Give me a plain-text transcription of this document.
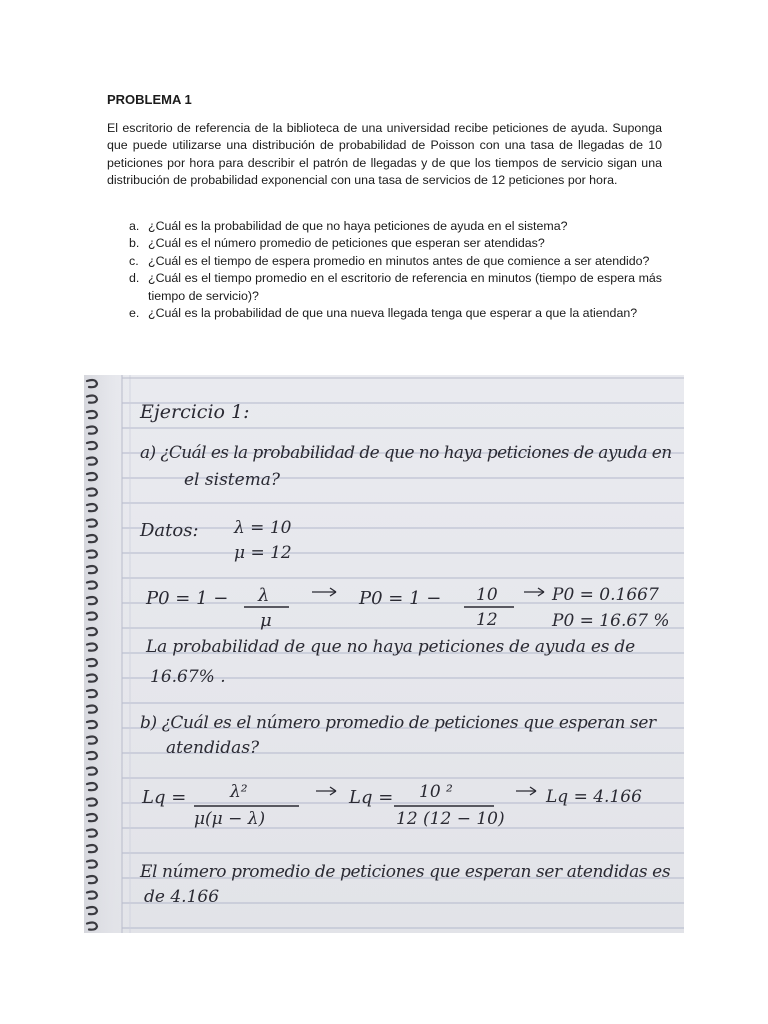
PROBLEMA 1
El escritorio de referencia de la biblioteca de una universidad recibe peticiones de ayuda. Suponga que puede utilizarse una distribución de probabilidad de Poisson con una tasa de llegadas de 10 peticiones por hora para describir el patrón de llegadas y de que los tiempos de servicio sigan una distribución de probabilidad exponencial con una tasa de servicios de 12 peticiones por hora.
a. ¿Cuál es la probabilidad de que no haya peticiones de ayuda en el sistema?
b. ¿Cuál es el número promedio de peticiones que esperan ser atendidas?
c. ¿Cuál es el tiempo de espera promedio en minutos antes de que comience a ser atendido?
d. ¿Cuál es el tiempo promedio en el escritorio de referencia en minutos (tiempo de espera más tiempo de servicio)?
e. ¿Cuál es la probabilidad de que una nueva llegada tenga que esperar a que la atiendan?
Ejercicio 1:
a) ¿Cuál es la probabilidad de que no haya peticiones de ayuda en
el sistema?
Datos: λ = 10
μ = 12
P0 = 1 − λ
μ
P0 = 1 − 10
12
P0 = 0.1667
P0 = 16.67 %
La probabilidad de que no haya peticiones de ayuda es de
16.67% .
b) ¿Cuál es el número promedio de peticiones que esperan ser
atendidas?
Lq =	λ²
μ(μ − λ)
Lq = 10 ²
12 (12 − 10)
Lq = 4.166
El número promedio de peticiones que esperan ser atendidas es
de 4.166
